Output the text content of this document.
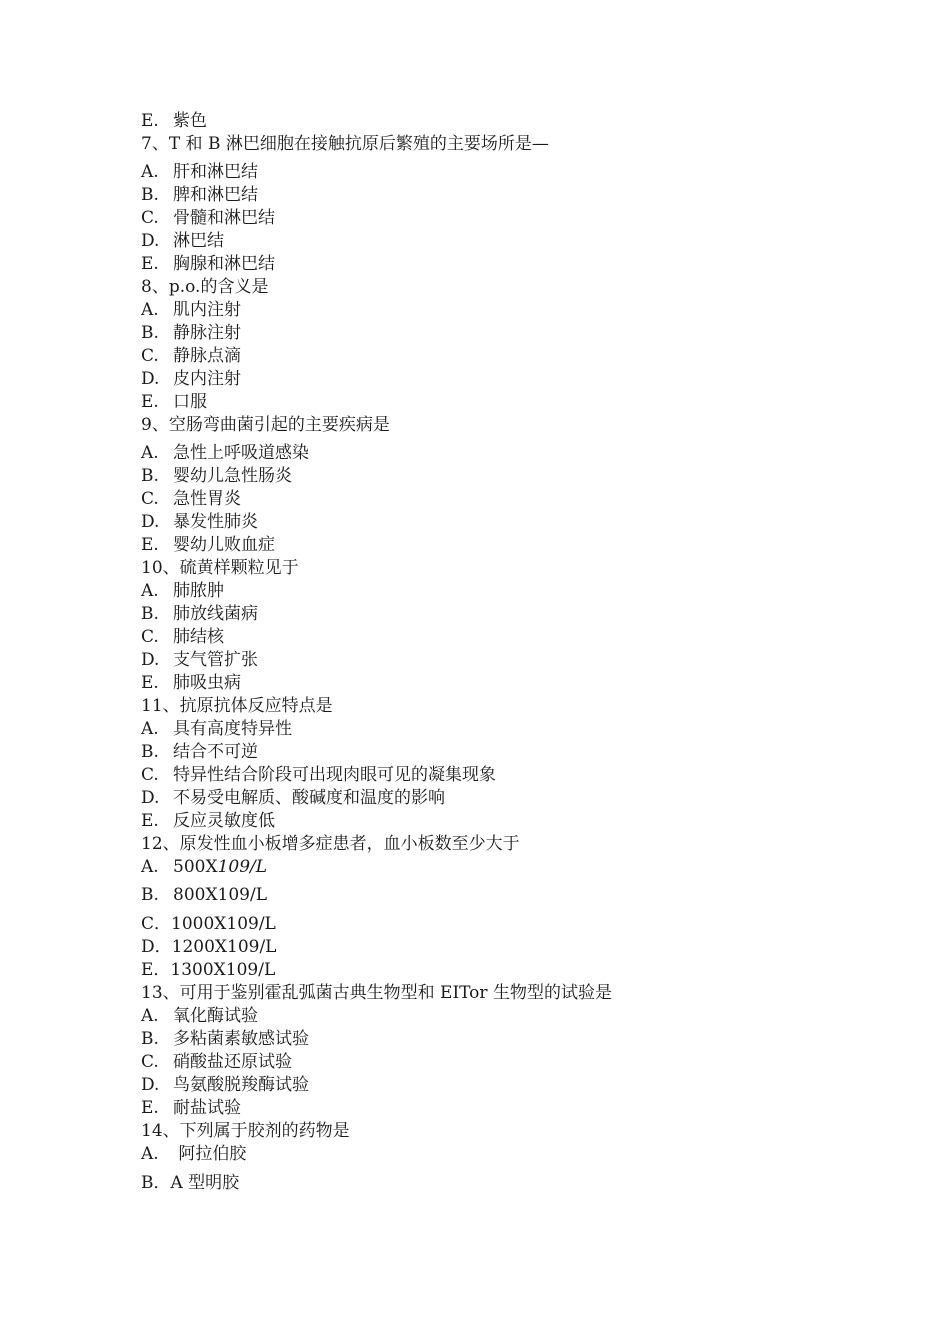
E. 紫色
7、T 和 B 淋巴细胞在接触抗原后繁殖的主要场所是—
A. 肝和淋巴结
B. 脾和淋巴结
C. 骨髓和淋巴结
D. 淋巴结
E. 胸腺和淋巴结
8、p.o.的含义是
A. 肌内注射
B. 静脉注射
C. 静脉点滴
D. 皮内注射
E. 口服
9、空肠弯曲菌引起的主要疾病是
A. 急性上呼吸道感染
B. 婴幼儿急性肠炎
C. 急性胃炎
D. 暴发性肺炎
E. 婴幼儿败血症
10、硫黄样颗粒见于
A. 肺脓肿
B. 肺放线菌病
C. 肺结核
D. 支气管扩张
E. 肺吸虫病
11、抗原抗体反应特点是
A. 具有高度特异性
B. 结合不可逆
C. 特异性结合阶段可出现肉眼可见的凝集现象
D. 不易受电解质、酸碱度和温度的影响
E. 反应灵敏度低
12、原发性血小板增多症患者，血小板数至少大于
A. 500X109/L
B. 800X109/L
C．1000X109/L
D．1200X109/L
E．1300X109/L
13、可用于鉴别霍乱弧菌古典生物型和 EITor 生物型的试验是
A. 氧化酶试验
B. 多粘菌素敏感试验
C. 硝酸盐还原试验
D. 鸟氨酸脱羧酶试验
E. 耐盐试验
14、下列属于胶剂的药物是
A. 阿拉伯胶
B．A 型明胶
